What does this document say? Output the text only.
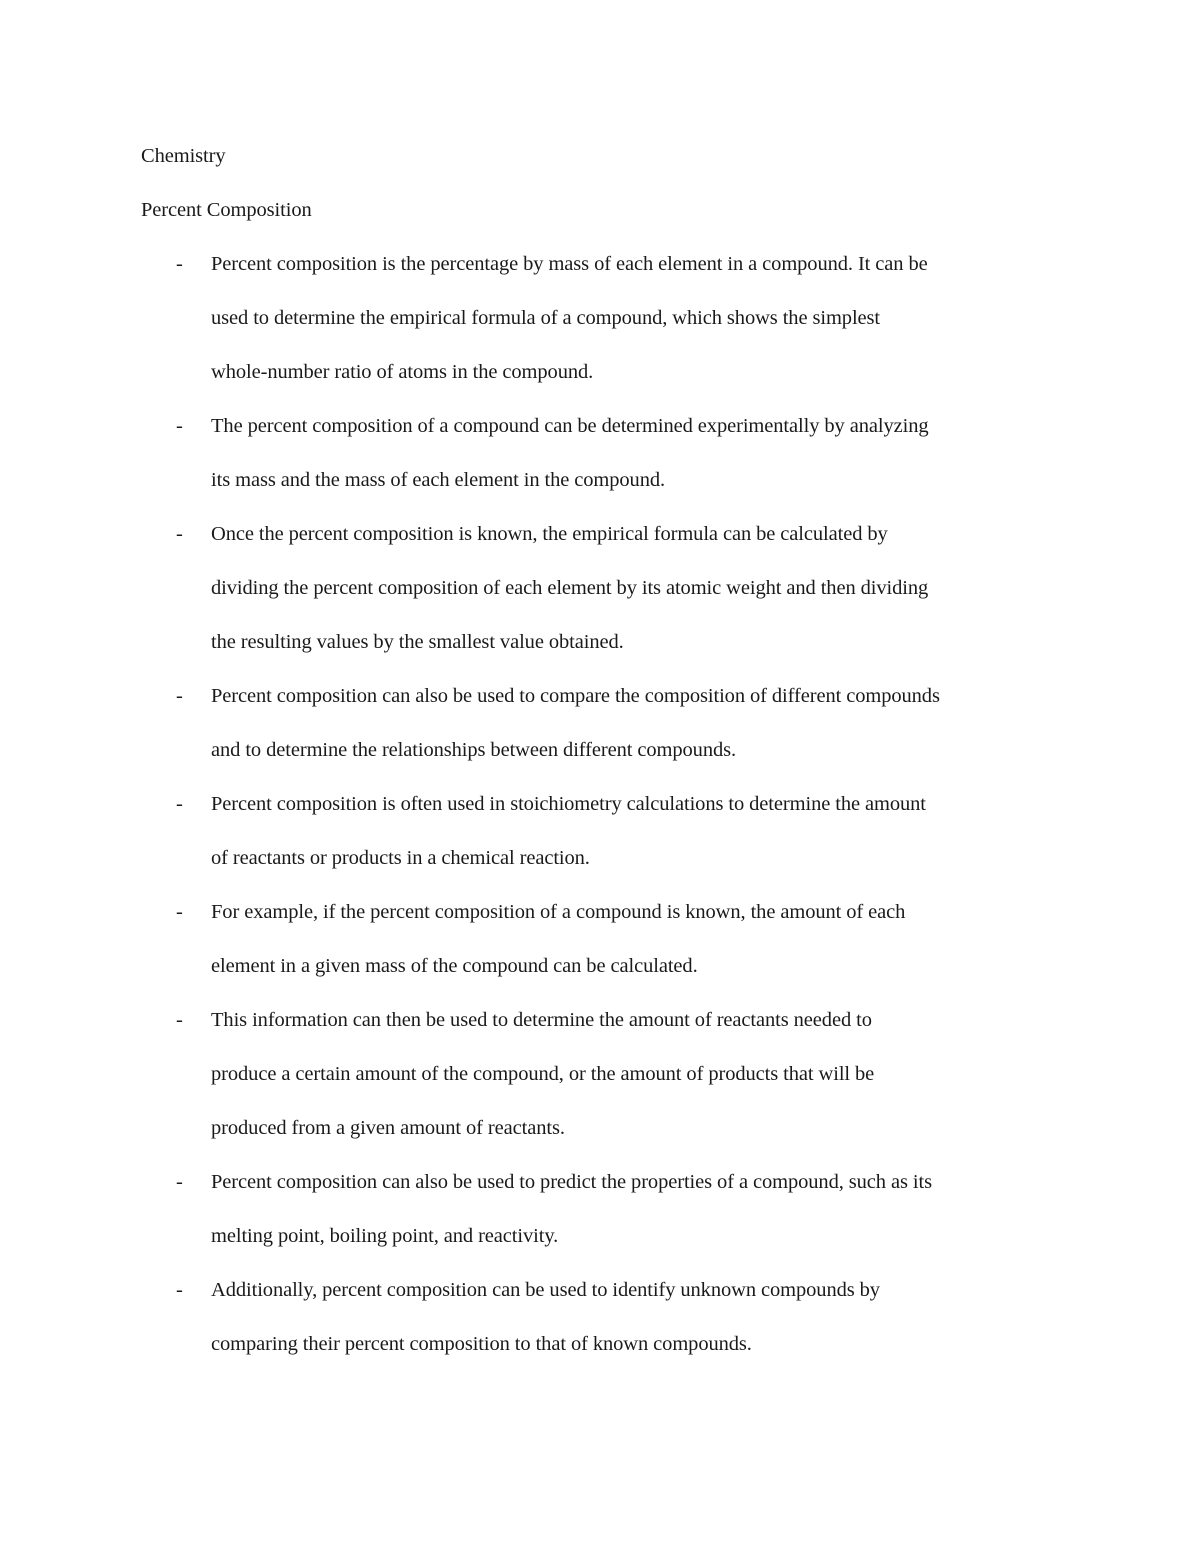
Chemistry
Percent Composition
- Percent composition is the percentage by mass of each element in a compound. It can be
used to determine the empirical formula of a compound, which shows the simplest
whole-number ratio of atoms in the compound.
- The percent composition of a compound can be determined experimentally by analyzing
its mass and the mass of each element in the compound.
- Once the percent composition is known, the empirical formula can be calculated by
dividing the percent composition of each element by its atomic weight and then dividing
the resulting values by the smallest value obtained.
- Percent composition can also be used to compare the composition of different compounds
and to determine the relationships between different compounds.
- Percent composition is often used in stoichiometry calculations to determine the amount
of reactants or products in a chemical reaction.
- For example, if the percent composition of a compound is known, the amount of each
element in a given mass of the compound can be calculated.
- This information can then be used to determine the amount of reactants needed to
produce a certain amount of the compound, or the amount of products that will be
produced from a given amount of reactants.
- Percent composition can also be used to predict the properties of a compound, such as its
melting point, boiling point, and reactivity.
- Additionally, percent composition can be used to identify unknown compounds by
comparing their percent composition to that of known compounds.
